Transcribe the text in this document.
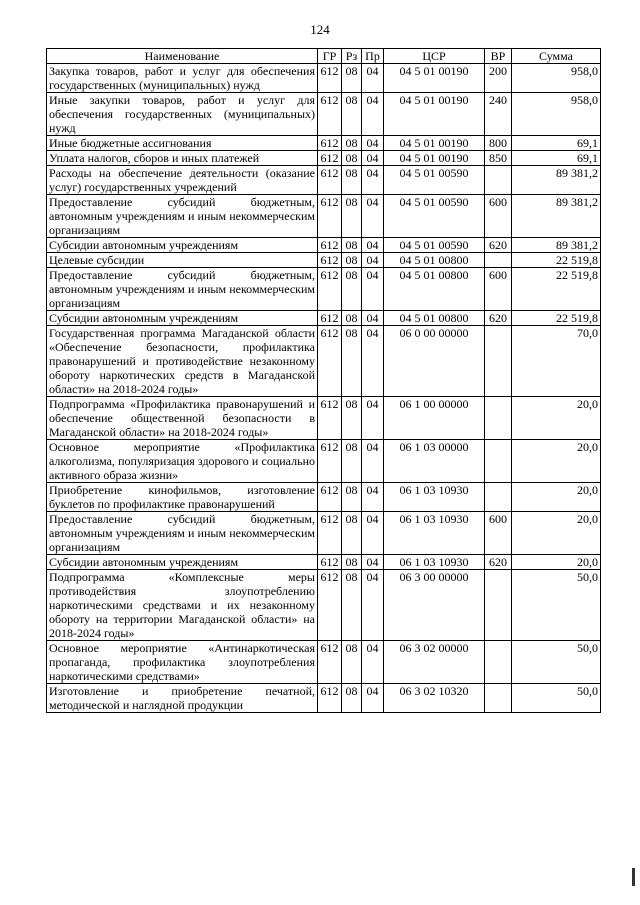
124
Наименование	ГР	Рз	Пр	ЦСР	ВР	Сумма
Закупка товаров, работ и услуг для обеспечения государственных (муниципальных) нужд	612	08	04	04 5 01 00190	200	958,0
Иные закупки товаров, работ и услуг для обеспечения государственных (муниципальных) нужд	612	08	04	04 5 01 00190	240	958,0
Иные бюджетные ассигнования	612	08	04	04 5 01 00190	800	69,1
Уплата налогов, сборов и иных платежей	612	08	04	04 5 01 00190	850	69,1
Расходы на обеспечение деятельности (оказание услуг) государственных учреждений	612	08	04	04 5 01 00590		89 381,2
Предоставление субсидий бюджетным, автономным учреждениям и иным некоммерческим организациям	612	08	04	04 5 01 00590	600	89 381,2
Субсидии автономным учреждениям	612	08	04	04 5 01 00590	620	89 381,2
Целевые субсидии	612	08	04	04 5 01 00800		22 519,8
Предоставление субсидий бюджетным, автономным учреждениям и иным некоммерческим организациям	612	08	04	04 5 01 00800	600	22 519,8
Субсидии автономным учреждениям	612	08	04	04 5 01 00800	620	22 519,8
Государственная программа Магаданской области «Обеспечение безопасности, профилактика правонарушений и противодействие незаконному обороту наркотических средств в Магаданской области» на 2018-2024 годы»	612	08	04	06 0 00 00000		70,0
Подпрограмма «Профилактика правонарушений и обеспечение общественной безопасности в Магаданской области» на 2018-2024 годы»	612	08	04	06 1 00 00000		20,0
Основное мероприятие «Профилактика алкоголизма, популяризация здорового и социально активного образа жизни»	612	08	04	06 1 03 00000		20,0
Приобретение кинофильмов, изготовление буклетов по профилактике правонарушений	612	08	04	06 1 03 10930		20,0
Предоставление субсидий бюджетным, автономным учреждениям и иным некоммерческим организациям	612	08	04	06 1 03 10930	600	20,0
Субсидии автономным учреждениям	612	08	04	06 1 03 10930	620	20,0
Подпрограмма «Комплексные меры противодействия злоупотреблению наркотическими средствами и их незаконному обороту на территории Магаданской области» на 2018-2024 годы»	612	08	04	06 3 00 00000		50,0
Основное мероприятие «Антинаркотическая пропаганда, профилактика злоупотребления наркотическими средствами»	612	08	04	06 3 02 00000		50,0
Изготовление и приобретение печатной, методической и наглядной продукции	612	08	04	06 3 02 10320		50,0
